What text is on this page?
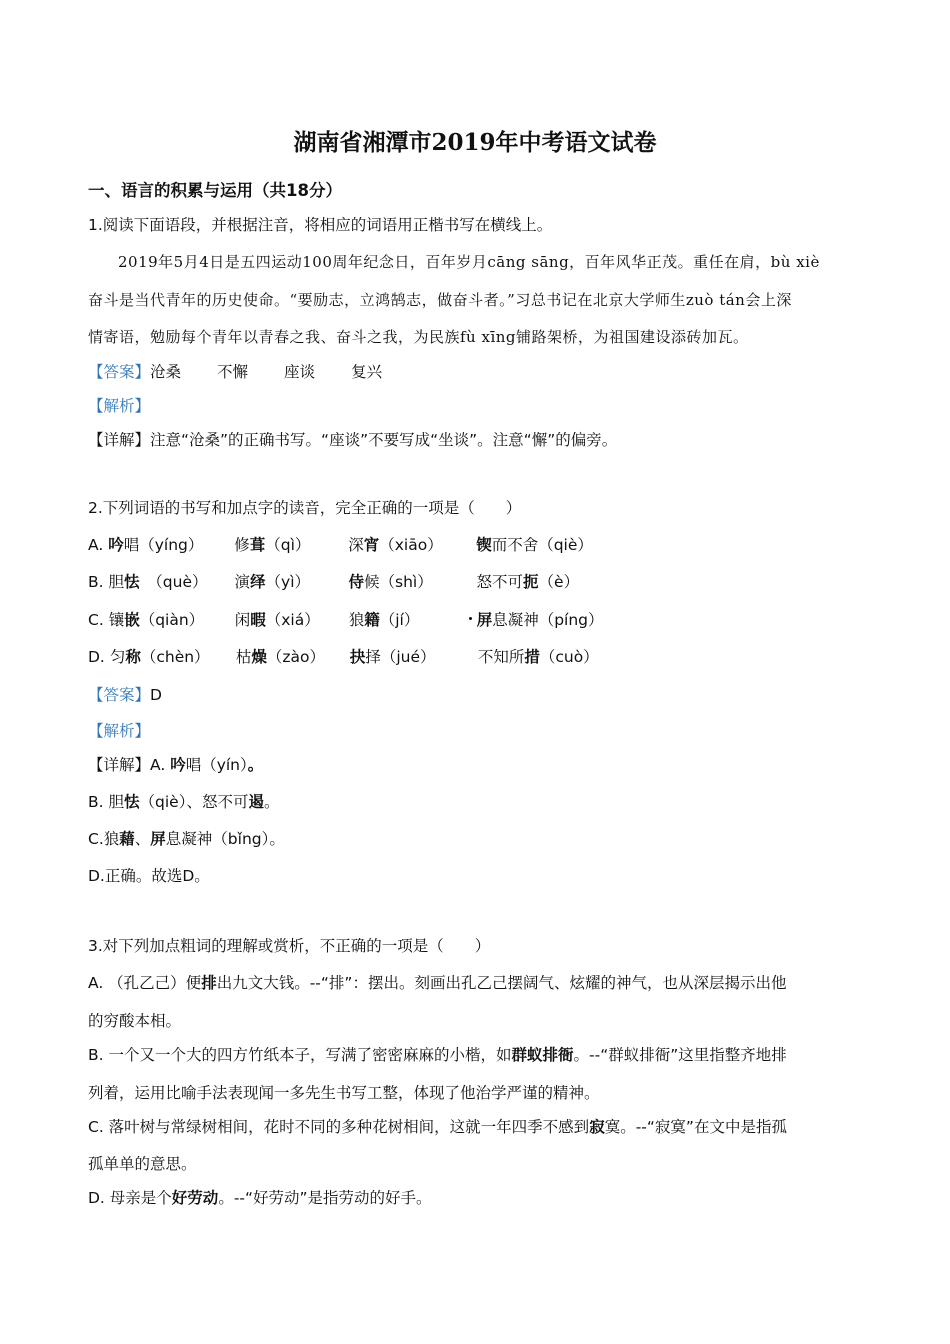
湖南省湘潭市2019年中考语文试卷
一、语言的积累与运用（共18分）
1.阅读下面语段，并根据注音，将相应的词语用正楷书写在横线上。
2019年5月4日是五四运动100周年纪念日，百年岁月cāng sāng，百年风华正茂。重任在肩，bù xiè
奋斗是当代青年的历史使命。“要励志，立鸿鹄志，做奋斗者。”习总书记在北京大学师生zuò tán会上深
情寄语，勉励每个青年以青春之我、奋斗之我，为民族fù xīng铺路架桥，为祖国建设添砖加瓦。
【答案】沧桑 不懈 座谈 复兴
【解析】
【详解】注意“沧桑”的正确书写。“座谈”不要写成“坐谈”。注意“懈”的偏旁。
2.下列词语的书写和加点字的读音，完全正确的一项是（　　）
A. 吟唱（yíng） 修葺（qì） 深宵（xiāo） 锲而不舍（qiè）
B. 胆怯　（què） 演绎（yì） 侍候（shì）	怒不可扼（è）
C. 镶嵌（qiàn） 闲暇（xiá） 狼籍（jí）	屏息凝神（píng）
D. 匀称（chèn） 枯燥（zào） 抉择（jué）	不知所措（cuò）
【答案】D
【解析】
【详解】A. 吟唱（yín）。
B. 胆怯（qiè）、怒不可遏。
C.狼藉、屏息凝神（bǐng）。
D.正确。故选D。
3.对下列加点粗词的理解或赏析，不正确的一项是（　　）
A. （孔乙己）便排出九文大钱。--“排”：摆出。刻画出孔乙己摆阔气、炫耀的神气，也从深层揭示出他
的穷酸本相。
B. 一个又一个大的四方竹纸本子，写满了密密麻麻的小楷，如群蚁排衙。--“群蚁排衙”这里指整齐地排
列着，运用比喻手法表现闻一多先生书写工整，体现了他治学严谨的精神。
C. 落叶树与常绿树相间，花时不同的多种花树相间，这就一年四季不感到寂寞。--“寂寞”在文中是指孤
孤单单的意思。
D. 母亲是个好劳动。--“好劳动”是指劳动的好手。
